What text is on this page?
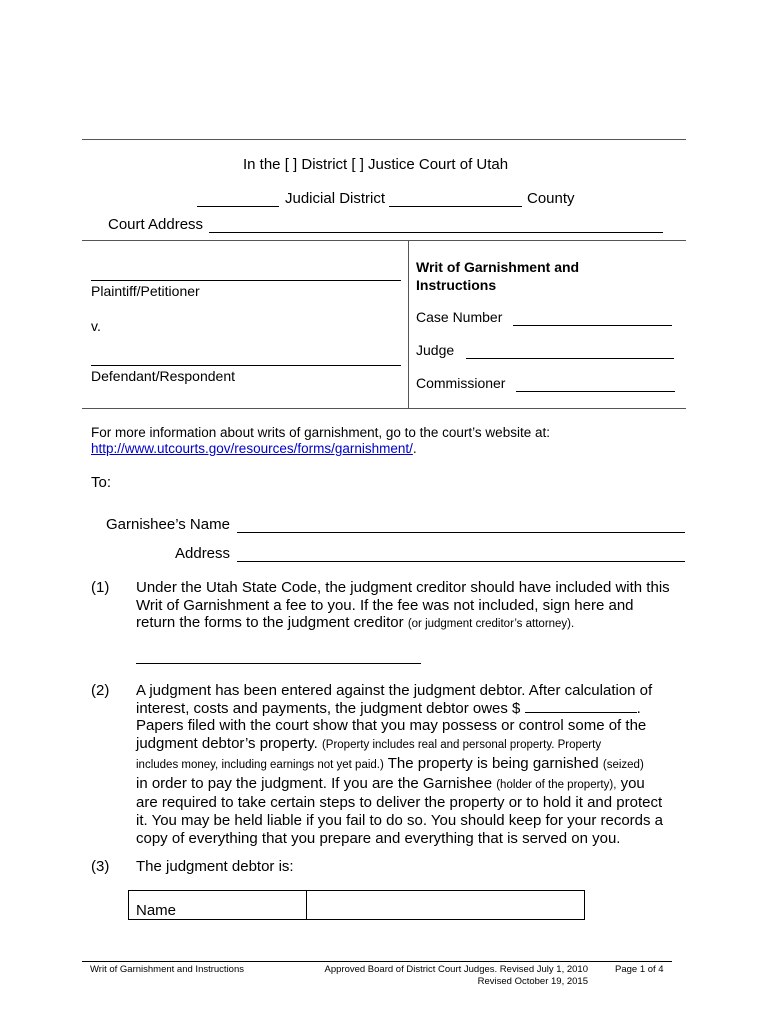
In the [ ] District [ ] Justice Court of Utah
Judicial District	County
Court Address
Plaintiff/Petitioner
v.
Defendant/Respondent
Writ of Garnishment and
Instructions
Case Number
Judge
Commissioner
For more information about writs of garnishment, go to the court’s website at:
http://www.utcourts.gov/resources/forms/garnishment/.
To:
Garnishee’s Name
Address
(1) Under the Utah State Code, the judgment creditor should have included with this
Writ of Garnishment a fee to you. If the fee was not included, sign here and
return the forms to the judgment creditor (or judgment creditor’s attorney).
(2) A judgment has been entered against the judgment debtor. After calculation of
interest, costs and payments, the judgment debtor owes $	.
Papers filed with the court show that you may possess or control some of the
judgment debtor’s property. (Property includes real and personal property. Property
includes money, including earnings not yet paid.) The property is being garnished (seized)
in order to pay the judgment. If you are the Garnishee (holder of the property), you
are required to take certain steps to deliver the property or to hold it and protect
it. You may be held liable if you fail to do so. You should keep for your records a
copy of everything that you prepare and everything that is served on you.
(3) The judgment debtor is:
Name
Writ of Garnishment and Instructions	Approved Board of District Court Judges. Revised July 1, 2010
Revised October 19, 2015
Page 1 of 4
